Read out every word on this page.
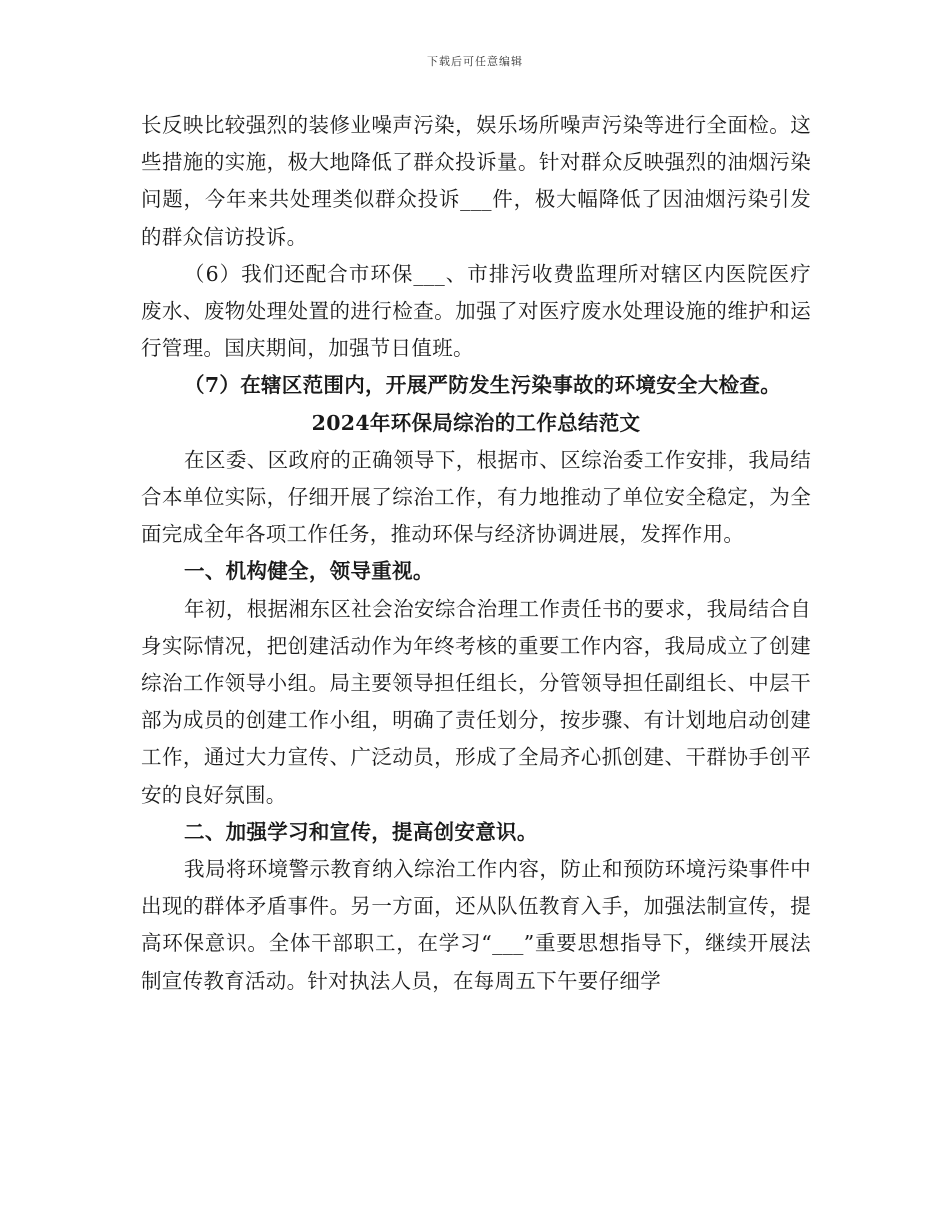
下载后可任意编辑

长反映比较强烈的装修业噪声污染，娱乐场所噪声污染等进行全面检。这些措施的实施，极大地降低了群众投诉量。针对群众反映强烈的油烟污染问题，今年来共处理类似群众投诉___件，极大幅降低了因油烟污染引发的群众信访投诉。

（6）我们还配合市环保___、市排污收费监理所对辖区内医院医疗废水、废物处理处置的进行检查。加强了对医疗废水处理设施的维护和运行管理。国庆期间，加强节日值班。

（7）在辖区范围内，开展严防发生污染事故的环境安全大检查。

2024年环保局综治的工作总结范文

在区委、区政府的正确领导下，根据市、区综治委工作安排，我局结合本单位实际，仔细开展了综治工作，有力地推动了单位安全稳定，为全面完成全年各项工作任务，推动环保与经济协调进展，发挥作用。

一、机构健全，领导重视。

年初，根据湘东区社会治安综合治理工作责任书的要求，我局结合自身实际情况，把创建活动作为年终考核的重要工作内容，我局成立了创建综治工作领导小组。局主要领导担任组长，分管领导担任副组长、中层干部为成员的创建工作小组，明确了责任划分，按步骤、有计划地启动创建工作，通过大力宣传、广泛动员，形成了全局齐心抓创建、干群协手创平安的良好氛围。

二、加强学习和宣传，提高创安意识。

我局将环境警示教育纳入综治工作内容，防止和预防环境污染事件中出现的群体矛盾事件。另一方面，还从队伍教育入手，加强法制宣传，提高环保意识。全体干部职工，在学习“___”重要思想指导下，继续开展法制宣传教育活动。针对执法人员，在每周五下午要仔细学
